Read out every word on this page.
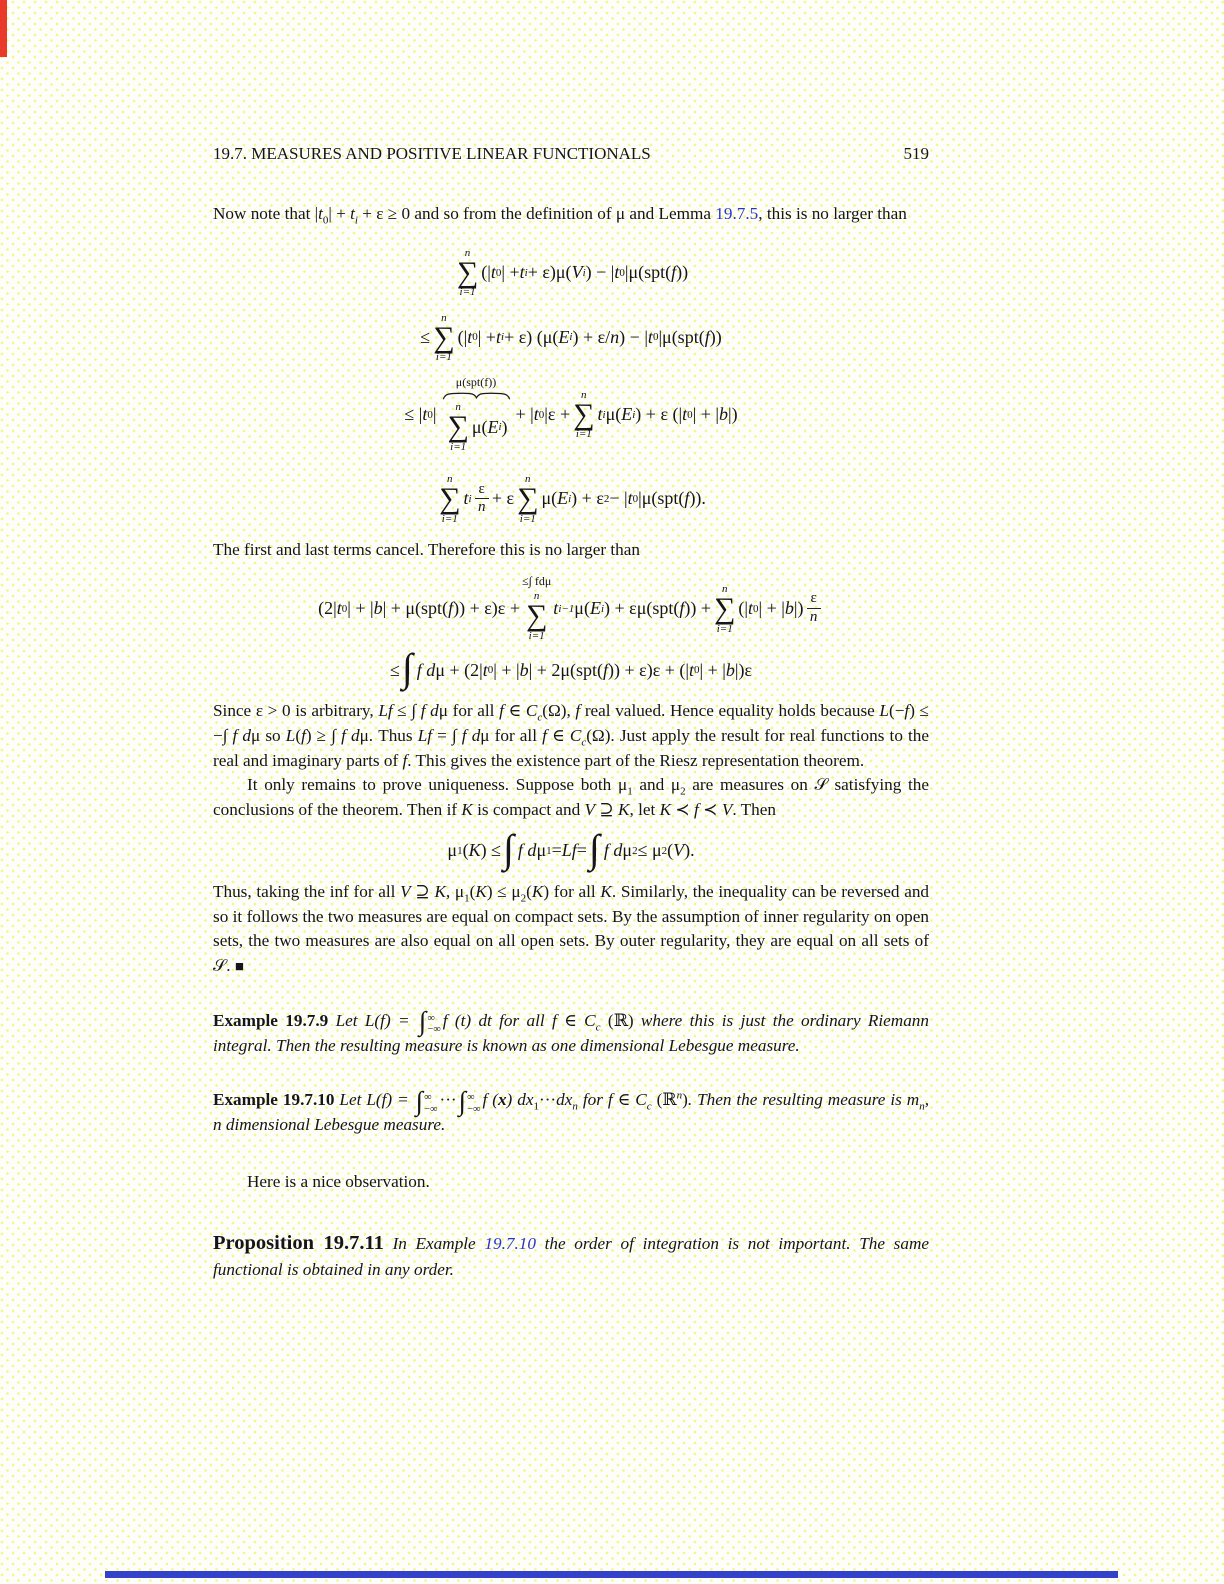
19.7. MEASURES AND POSITIVE LINEAR FUNCTIONALS	519
Now note that $|t_0| + t_i + \varepsilon \ge 0$ and so from the definition of μ and Lemma 19.7.5, this is no larger than
n
∑
i=1
(| t 0 | + t i + ε)μ( V i ) − | t 0 |μ(spt( f ))
≤
n
∑
i=1
(| t 0 | + t i + ε) (μ( E i ) + ε/ n ) − | t 0 |μ(spt( f ))
≤ | t 0 |
μ(spt(f))
n
∑
i=1
μ( E i )
+ | t 0 |ε +
n
∑
i=1
t i μ( E i ) + ε (| t 0 | + | b |)
n
∑
i=1
t i $\frac{\varepsilon}{n} + \varepsilon$
n
∑
i=1
μ( E i ) + ε 2 − | t 0 |μ(spt( f )).
The first and last terms cancel. Therefore this is no larger than
(2| t 0 | + | b | + μ(spt( f )) + ε)ε +
≤∫ fdμ
n
∑
i=1
t i−1 μ( E i ) + εμ(spt( f )) +
n
∑
i=1
(| t 0 | + | b |) $\frac{\varepsilon}{n}$
≤ ∫ f d μ + (2| t 0 | + | b | + 2μ(spt( f )) + ε)ε + (| t 0 | + | b |)ε
Since ε > 0 is arbitrary, Lf ≤ ∫ f dμ for all f ∈ $C_c(\Omega)$, f real valued. Hence equality holds because L(−f) ≤ −∫ f dμ so L(f) ≥ ∫ f dμ. Thus Lf = ∫ f dμ for all f ∈ $C_c(\Omega)$. Just apply the result for real functions to the real and imaginary parts of f. This gives the existence part of the Riesz representation theorem.
It only remains to prove uniqueness. Suppose both $\mu_1$ and $\mu_2$ are measures on 𝒮 satisfying the conclusions of the theorem. Then if K is compact and V ⊇ K, let K ≺ f ≺ V. Then
μ 1 ( K ) ≤ ∫ f d μ 1 = Lf = ∫ f d μ 2 ≤ μ 2 ( V ).
Thus, taking the inf for all V ⊇ K, $\mu_1(K) \le \mu_2(K)$ for all K. Similarly, the inequality can be reversed and so it follows the two measures are equal on compact sets. By the assumption of inner regularity on open sets, the two measures are also equal on all open sets. By outer regularity, they are equal on all sets of 𝒮. ■
Example 19.7.9 Let L(f) = ∫ ∞
−∞ f (t) dt for all f ∈ $C_c$ (ℝ) where this is just the ordinary Riemann integral. Then the resulting measure is known as one dimensional Lebesgue measure.
Example 19.7.10 Let L(f) = ∫ ∞
−∞ ··· ∫ ∞
−∞ f (x) $dx_1\cdot\cdot\cdot dx_n$ for f ∈ $C_c$ (ℝ$^n$). Then the resulting measure is $m_n$, n dimensional Lebesgue measure.
Here is a nice observation.
Proposition 19.7.11 In Example 19.7.10 the order of integration is not important. The same functional is obtained in any order.
